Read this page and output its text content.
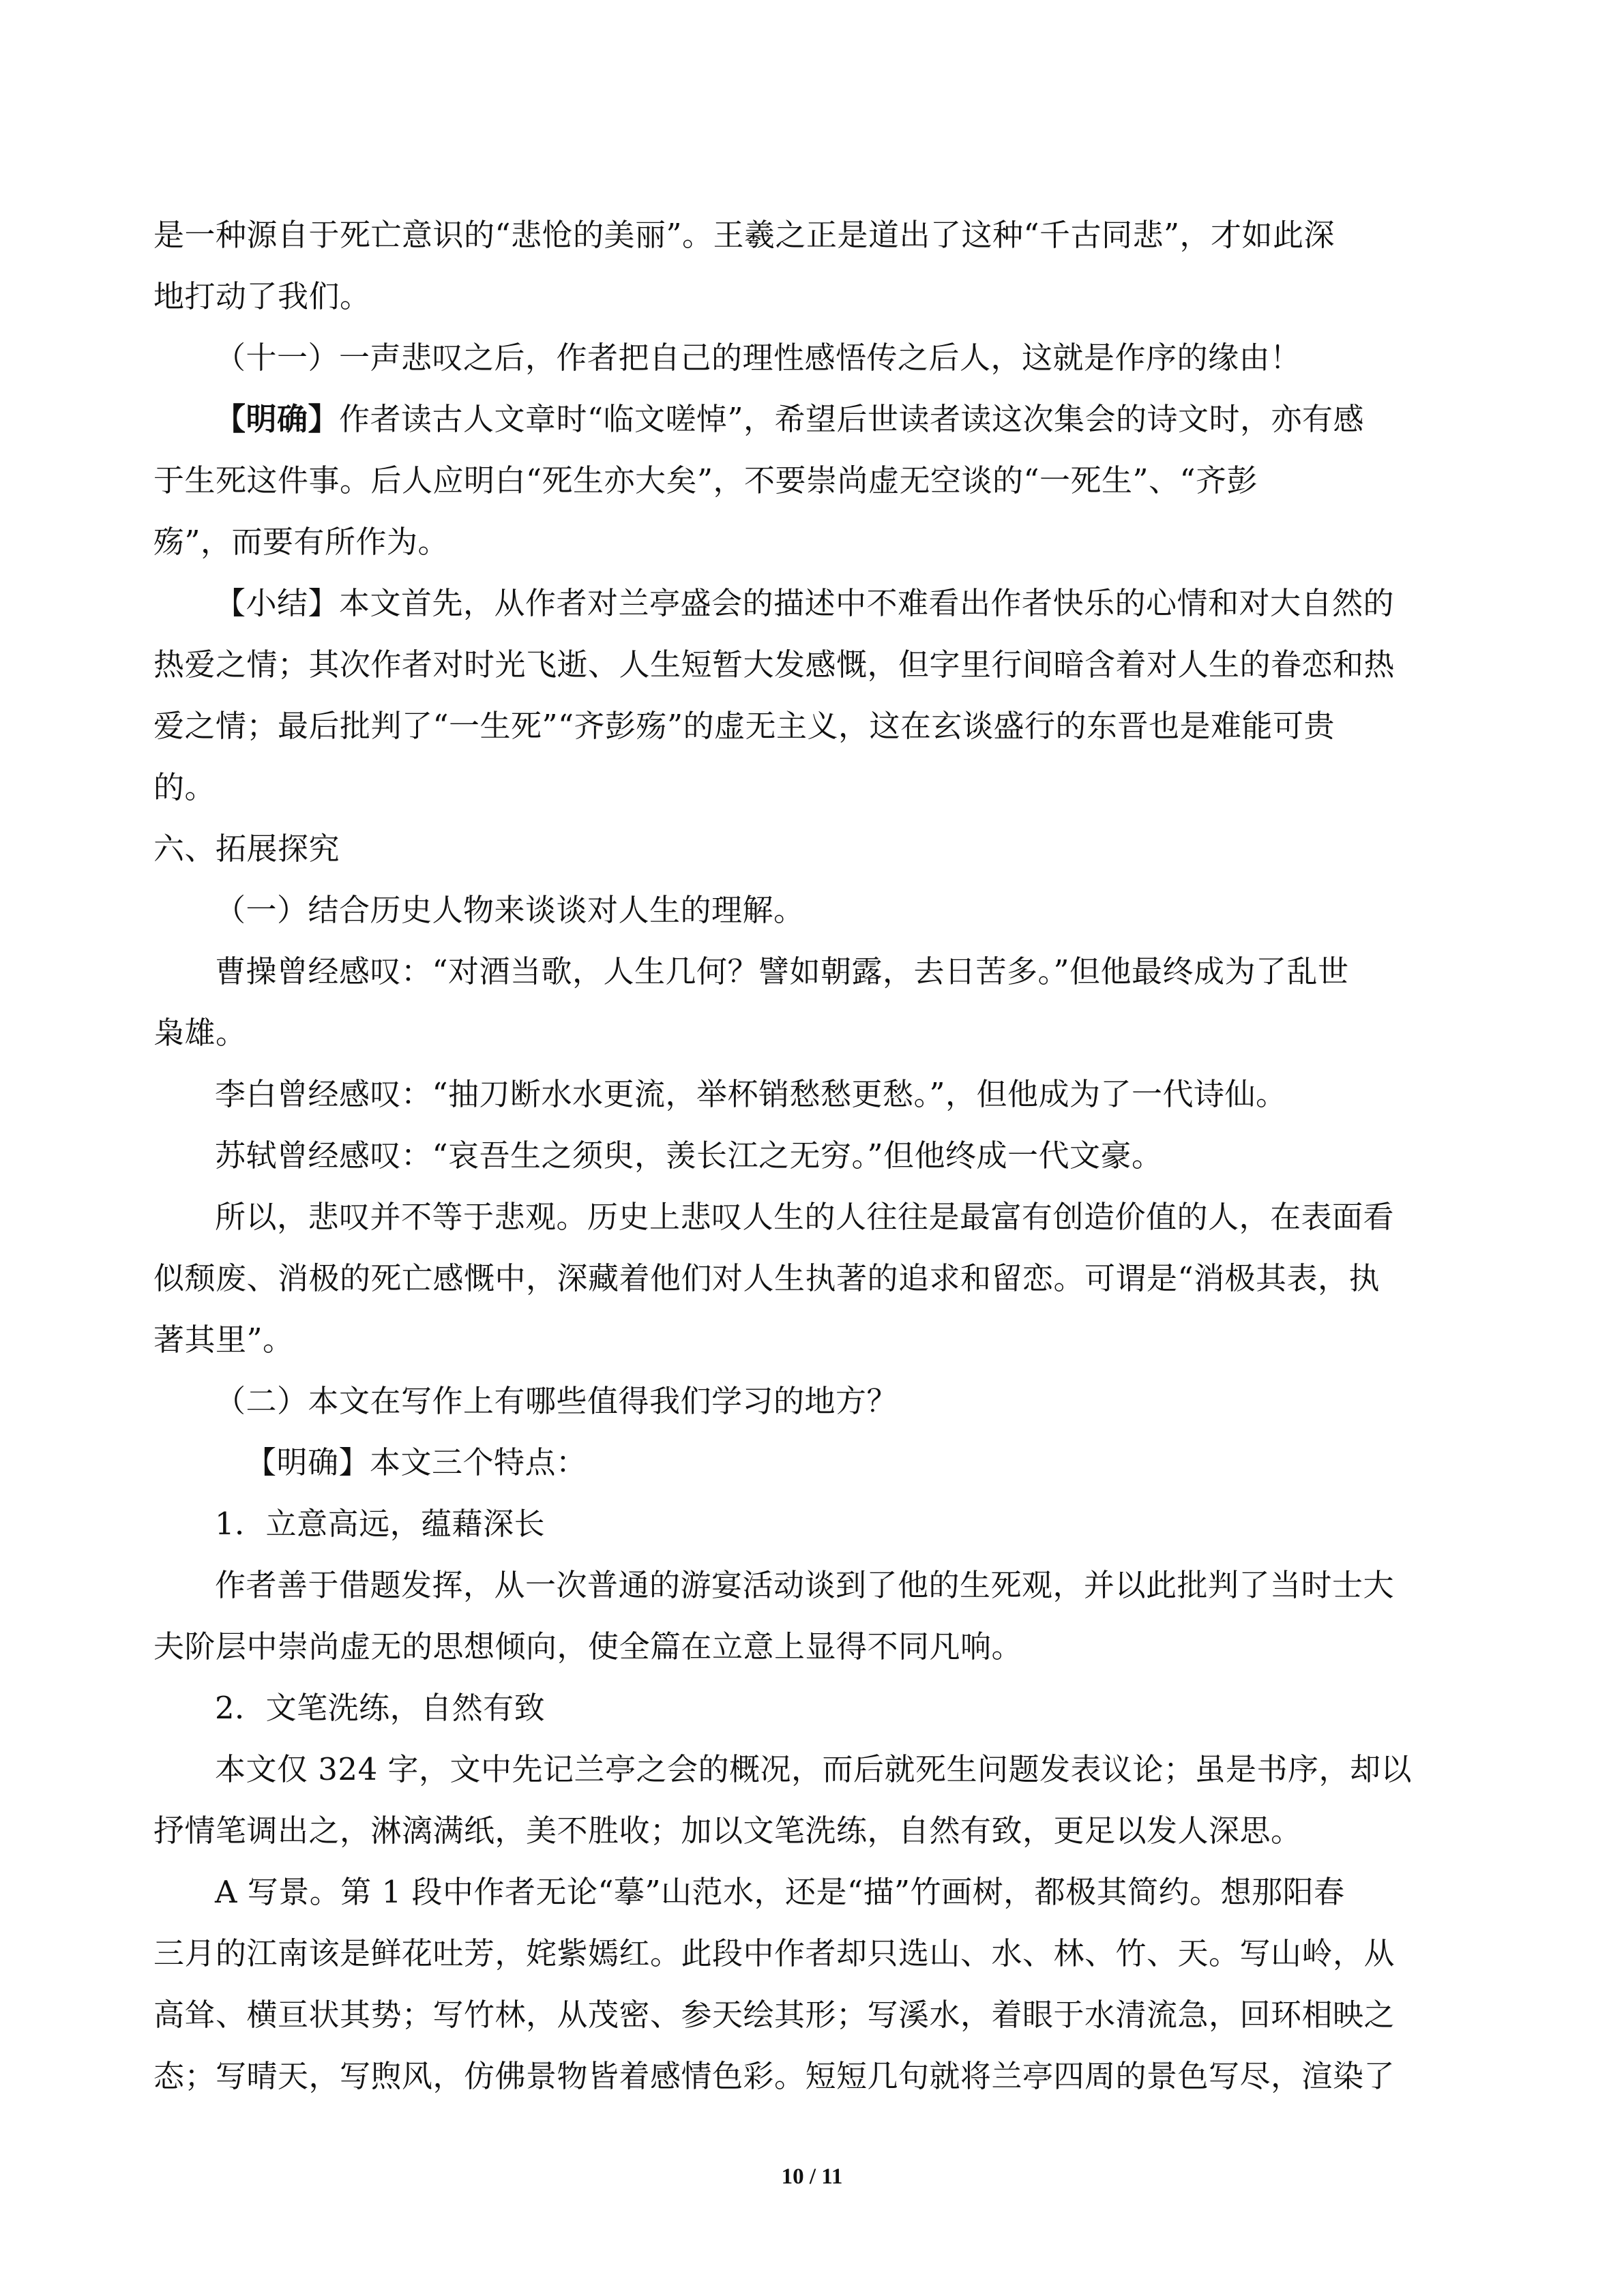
是一种源自于死亡意识的“悲怆的美丽”。王羲之正是道出了这种“千古同悲”，才如此深
地打动了我们。
（十一）一声悲叹之后，作者把自己的理性感悟传之后人，这就是作序的缘由！
【明确】作者读古人文章时“临文嗟悼”，希望后世读者读这次集会的诗文时，亦有感
于生死这件事。后人应明白“死生亦大矣”，不要崇尚虚无空谈的“一死生”、“齐彭
殇”，而要有所作为。
【小结】本文首先，从作者对兰亭盛会的描述中不难看出作者快乐的心情和对大自然的
热爱之情；其次作者对时光飞逝、人生短暂大发感慨，但字里行间暗含着对人生的眷恋和热
爱之情；最后批判了“一生死”“齐彭殇”的虚无主义，这在玄谈盛行的东晋也是难能可贵
的。
六、拓展探究
（一）结合历史人物来谈谈对人生的理解。
曹操曾经感叹：“对酒当歌，人生几何？譬如朝露，去日苦多。”但他最终成为了乱世
枭雄。
李白曾经感叹：“抽刀断水水更流，举杯销愁愁更愁。”，但他成为了一代诗仙。
苏轼曾经感叹：“哀吾生之须臾，羡长江之无穷。”但他终成一代文豪。
所以，悲叹并不等于悲观。历史上悲叹人生的人往往是最富有创造价值的人，在表面看
似颓废、消极的死亡感慨中，深藏着他们对人生执著的追求和留恋。可谓是“消极其表，执
著其里”。
（二）本文在写作上有哪些值得我们学习的地方？
【明确】本文三个特点：
1．立意高远，蕴藉深长
作者善于借题发挥，从一次普通的游宴活动谈到了他的生死观，并以此批判了当时士大
夫阶层中崇尚虚无的思想倾向，使全篇在立意上显得不同凡响。
2．文笔洗练，自然有致
本文仅 324 字，文中先记兰亭之会的概况，而后就死生问题发表议论；虽是书序，却以
抒情笔调出之，淋漓满纸，美不胜收；加以文笔洗练，自然有致，更足以发人深思。
A 写景。第 1 段中作者无论“摹”山范水，还是“描”竹画树，都极其简约。想那阳春
三月的江南该是鲜花吐芳，姹紫嫣红。此段中作者却只选山、水、林、竹、天。写山岭，从
高耸、横亘状其势；写竹林，从茂密、参天绘其形；写溪水，着眼于水清流急，回环相映之
态；写晴天，写煦风，仿佛景物皆着感情色彩。短短几句就将兰亭四周的景色写尽，渲染了
10 / 11
